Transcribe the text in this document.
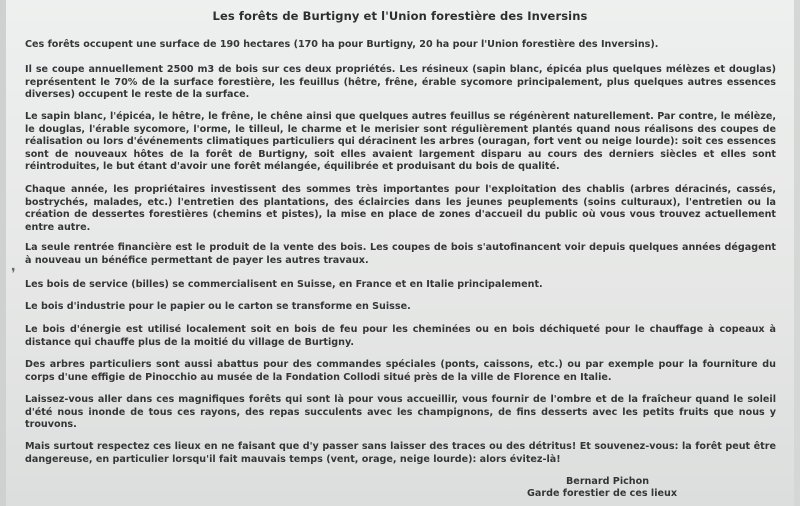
Les forêts de Burtigny et l'Union forestière des Inversins
Ces forêts occupent une surface de 190 hectares (170 ha pour Burtigny, 20 ha pour l'Union forestière des Inversins).
Il se coupe annuellement 2500 m3 de bois sur ces deux propriétés. Les résineux (sapin blanc, épicéa plus quelques mélèzes et douglas) représentent le 70% de la surface forestière, les feuillus (hêtre, frêne, érable sycomore principalement, plus quelques autres essences diverses) occupent le reste de la surface.
Le sapin blanc, l'épicéa, le hêtre, le frêne, le chêne ainsi que quelques autres feuillus se régénèrent naturellement. Par contre, le mélèze, le douglas, l'érable sycomore, l'orme, le tilleul, le charme et le merisier sont régulièrement plantés quand nous réalisons des coupes de réalisation ou lors d'événements climatiques particuliers qui déracinent les arbres (ouragan, fort vent ou neige lourde): soit ces essences sont de nouveaux hôtes de la forêt de Burtigny, soit elles avaient largement disparu au cours des derniers siècles et elles sont réintroduites, le but étant d'avoir une forêt mélangée, équilibrée et produisant du bois de qualité.
Chaque année, les propriétaires investissent des sommes très importantes pour l'exploitation des chablis (arbres déracinés, cassés, bostrychés, malades, etc.) l'entretien des plantations, des éclaircies dans les jeunes peuplements (soins culturaux), l'entretien ou la création de dessertes forestières (chemins et pistes), la mise en place de zones d'accueil du public où vous vous trouvez actuellement entre autre.
La seule rentrée financière est le produit de la vente des bois. Les coupes de bois s'autofinancent voir depuis quelques années dégagent à nouveau un bénéfice permettant de payer les autres travaux.
❜
Les bois de service (billes) se commercialisent en Suisse, en France et en Italie principalement.
Le bois d'industrie pour le papier ou le carton se transforme en Suisse.
Le bois d'énergie est utilisé localement soit en bois de feu pour les cheminées ou en bois déchiqueté pour le chauffage à copeaux à distance qui chauffe plus de la moitié du village de Burtigny.
Des arbres particuliers sont aussi abattus pour des commandes spéciales (ponts, caissons, etc.) ou par exemple pour la fourniture du corps d'une effigie de Pinocchio au musée de la Fondation Collodi situé près de la ville de Florence en Italie.
Laissez-vous aller dans ces magnifiques forêts qui sont là pour vous accueillir, vous fournir de l'ombre et de la fraîcheur quand le soleil d'été nous inonde de tous ces rayons, des repas succulents avec les champignons, de fins desserts avec les petits fruits que nous y trouvons.
Mais surtout respectez ces lieux en ne faisant que d'y passer sans laisser des traces ou des détritus! Et souvenez-vous: la forêt peut être dangereuse, en particulier lorsqu'il fait mauvais temps (vent, orage, neige lourde): alors évitez-là!
Bernard Pichon
Garde forestier de ces lieux
